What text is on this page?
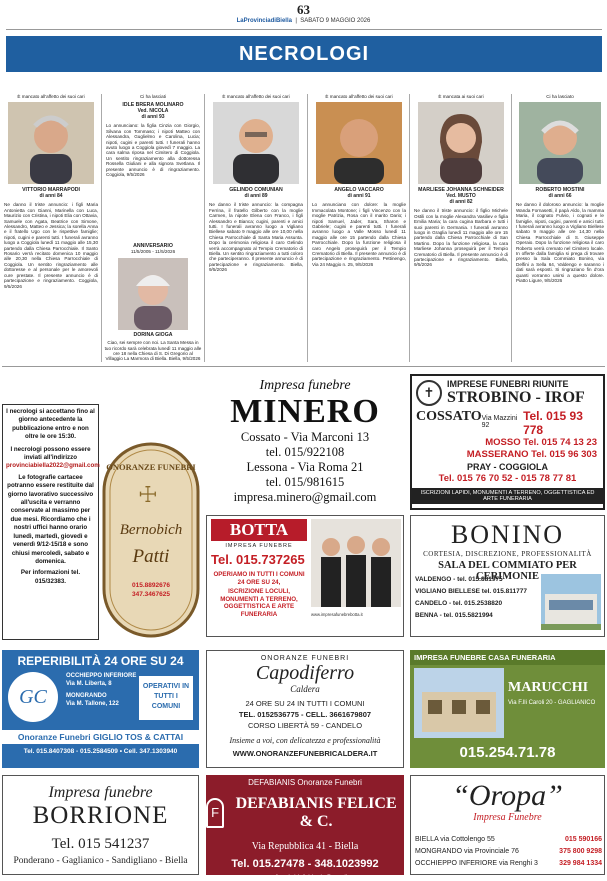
63
LaProvinciadiBiella  |  SABATO 9 MAGGIO 2026
NECROLOGI
È mancato all'affetto dei suoi cari
VITTORIO MARRAPODI
di anni 84
Ne danno il triste annuncio: i figli Maria Antonietta con Gianni, Marinella con Luca, Maurizio con Cristina, i nipoti Elia con Ottavia, Samuele con Agata, Beatrice con Simone, Alessandro, Matteo e Jessica; la sorella Anna e il fratello Ugo con le rispettive famiglie; nipoti, cugini e parenti tutti. I funerali avranno luogo a Coggiola lunedì 11 maggio alle 15,30 partendo dalla Chiesa Parrocchiale. Il Santo Rosario verrà recitato domenica 10 maggio alle 20,30 nella Chiesa Parrocchiale di Coggiola. Un sentito ringraziamento alle dottoresse e al personale per le amorevoli cure prestate. Il presente annuncio è di partecipazione e ringraziamento. Coggiola, 9/5/2026
Ci ha lasciati
IDLE BRERA MOLINARO
Ved. NICOLA
di anni 93
Lo annunciano: la figlia Cinzia con Giorgio, Silvana con Tommaso; i nipoti Matteo con Alessandra, Guglielmo e Carolina, Lucia; nipoti, cugini e parenti tutti. I funerali hanno avuto luogo a Coggiola giovedì 7 maggio. La cara salma riposa nel Cimitero di Coggiola. Un sentito ringraziamento alla dottoressa Rossella Giuliani e alla signora Svetlana. Il presente annuncio è di ringraziamento. Coggiola, 9/5/2026
ANNIVERSARIO
11/5/2005 - 11/5/2026
DORINA GIOGA
Ciao, sei sempre con noi. La Santa Messa in tuo ricordo sarà celebrata lunedì 11 maggio alle ore 18 nella Chiesa di S. Di Gregorio al Villaggio La Marmora di Biella. Biella, 9/5/2026
È mancato all'affetto dei suoi cari
GELINDO COMUNIAN
di anni 89
Ne danno il triste annuncio: la compagna Ferrina, il fratello Gilberto con la moglie Carmen, la nipote Elena con Franco, i figli Alessandro e Bianca; cugini, parenti e amici tutti. I funerali avranno luogo a Vigliano Biellese sabato 9 maggio alle ore 10,00 nella Chiesa Parrocchiale di Santa Maria Assunta. Dopo la cerimonia religiosa il caro Gelindo verrà accompagnato al Tempio Crematorio di Biella. Un sentito ringraziamento a tutti coloro che parteciperanno. Il presente annuncio è di partecipazione e ringraziamento. Biella, 9/5/2026
È mancato all'affetto dei suoi cari
ANGELO VACCARO
di anni 91
Lo annunciano con dolore: la moglie Immacolata Montone; i figli Vincenzo con la moglie Patrizia, Rosa con il marito Dario; i nipoti Samuel, Jader, Sara, Sharon e Gabriele; cugini e parenti tutti. I funerali avranno luogo a Valle Mosso lunedì 11 maggio alle ore 15 partendo dalla Chiesa Parrocchiale. Dopo la funzione religiosa il caro Angelo proseguirà per il Tempio Crematorio di Biella. Il presente annuncio è di partecipazione e ringraziamento. Pettinengo, Via 24 Maggio n. 25, 9/5/2026
È mancata ai suoi cari
MARLIESE JOHANNA SCHNEIDER
Ved. MUSTO
di anni 82
Ne danno il triste annuncio: il figlio Michele Ostili con la moglie Alexandra Vasiliev e figlia Emilia Maria; la cara cugina Barbara e tutti i suoi parenti in Germania. I funerali avranno luogo in Graglia lunedì 11 maggio alle ore 15 partendo dalla Chiesa Parrocchiale di San Martino. Dopo la funzione religiosa, la cara Marliese Johanna proseguirà per il Tempio Crematorio di Biella. Il presente annuncio è di partecipazione e ringraziamento. Biella, 9/5/2026
Ci ha lasciato
ROBERTO MOSTINI
di anni 66
Ne danno il doloroso annuncio: la moglie Wanda Fornasetti, il papà Aldo, la mamma Maria, il cognato Fulvio, i cognati e le famiglie, nipoti, cugini, parenti e amici tutti. I funerali avranno luogo a Vigliano Biellese sabato 9 maggio alle ore 14,30 nella Chiesa Parrocchiale di S. Giuseppe Operaio. Dopo la funzione religiosa il caro Roberto verrà cremato nel Cimitero locale. In offerte dalla famiglia si prega di trovare presso la Sala Commiato Bonino, via Delfini a Sella 64, Valdengo e saranno i dati sarà esposti. Si ringraziano fin d'ora quanti vorranno unirsi a questo dolore. Piatto Ligure, 9/5/2026
I necrologi si accettano fino al giorno antecedente la pubblicazione entro e non oltre le ore 15:30.
I necrologi possono essere inviati all'indirizzo
provinciabiella2022@gmail.com
Le fotografie cartacee potranno essere restituite dal giorno lavorativo successivo all'uscita e verranno conservate al massimo per due mesi. Ricordiamo che i nostri uffici hanno orario lunedì, martedì, giovedì e venerdì 9/12-15/18 e sono chiusi mercoledì, sabato e domenica.
Per informazioni tel. 015/32383.
Impresa funebre
MINERO
Cossato - Via Marconi 13
tel. 015/922108
Lessona - Via Roma 21
tel. 015/981615
impresa.minero@gmail.com
✝
IMPRESE FUNEBRI RIUNITE
STROBINO - IROF
COSSATO Via Mazzini 92
Tel. 015 93 778
MOSSO Tel. 015 74 13 23
MASSERANO Tel. 015 96 303
PRAY - COGGIOLA
Tel. 015 76 70 52 - 015 78 77 81
ISCRIZIONI LAPIDI, MONUMENTI A TERRENO, OGGETTISTICA ED ARTE FUNERARIA
ONORANZE FUNEBRI
☩
Bernobich
Patti
015.8892676
347.3467625
BOTTA
IMPRESA FUNEBRE
Tel. 015.737265
OPERIAMO IN TUTTI I COMUNI 24 ORE SU 24,
ISCRIZIONE LOCULI, MONUMENTI A TERRENO, OGGETTISTICA E ARTE FUNERARIA	www.impresafunebrebotta.it
BONINO
CORTESIA, DISCREZIONE, PROFESSIONALITÀ
SALA DEL COMMIATO PER CERIMONIE
VALDENGO - tel. 015.881975
VIGLIANO BIELLESE tel. 015.811777
CANDELO - tel. 015.2538820
BENNA - tel. 015.5821994
REPERIBILITÀ 24 ORE SU 24
GC
OCCHIEPPO INFERIORE
Via M. Liberta, 8
MONGRANDO
Via M. Tallone, 122
OPERATIVI IN TUTTI I COMUNI
Onoranze Funebri GIGLIO TOS & CATTAI
Tel. 015.8407308 - 015.2584509 • Cell. 347.1303940
ONORANZE FUNEBRI
Capodiferro
Caldera
24 ORE SU 24 IN TUTTI I COMUNI
TEL. 0152536775 - CELL. 3661679807
CORSO LIBERTÀ 59 - CANDELO
Insieme a voi, con delicatezza e professionalità
WWW.ONORANZEFUNEBRICALDERA.IT
IMPRESA FUNEBRE CASA FUNERARIA
MARUCCHI
Via F.lli Caroli 20 - GAGLIANICO
015.254.71.78
Impresa funebre
BORRIONE
Tel. 015 541237
Ponderano - Gaglianico - Sandigliano - Biella
DEFABIANIS Onoranze Funebri
F
DEFABIANIS FELICE & C.
Via Repubblica 41 - Biella
Tel. 015.27478 - 348.1023992
onoranzefunebridefabianis@gmail.com
“Oropa”
Impresa Funebre
BIELLA via Cottolengo 55	015 590166
MONGRANDO via Provinciale 76	375 800 9298
OCCHIEPPO INFERIORE via Renghi 3	329 984 1334
